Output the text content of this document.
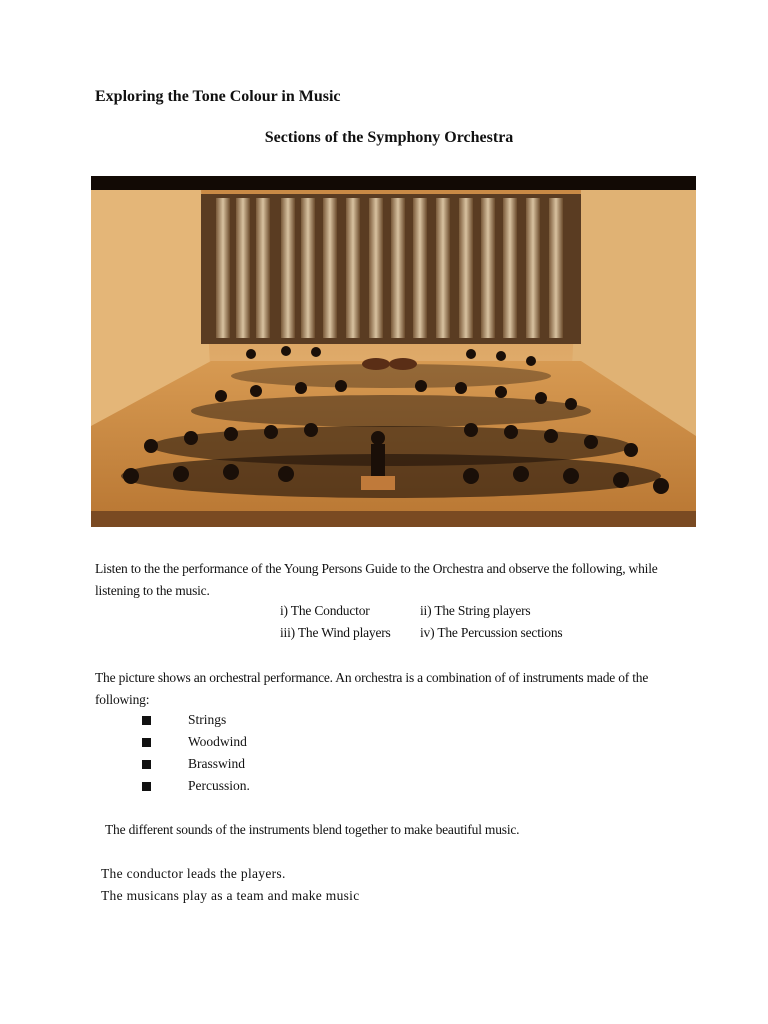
Exploring the Tone Colour in Music
Sections of the Symphony Orchestra

Listen to the the performance of the Young Persons Guide to the Orchestra and observe the following, while listening to the music.

i) The Conductor	ii) The String players
iii) The Wind players	iv) The Percussion sections

The picture shows an orchestral performance. An orchestra is a combination of of instruments made of the following:

Strings
Woodwind
Brasswind
Percussion.
The different sounds of the instruments blend together to make beautiful music.
The conductor leads the players.
The musicans play as a team and make music
